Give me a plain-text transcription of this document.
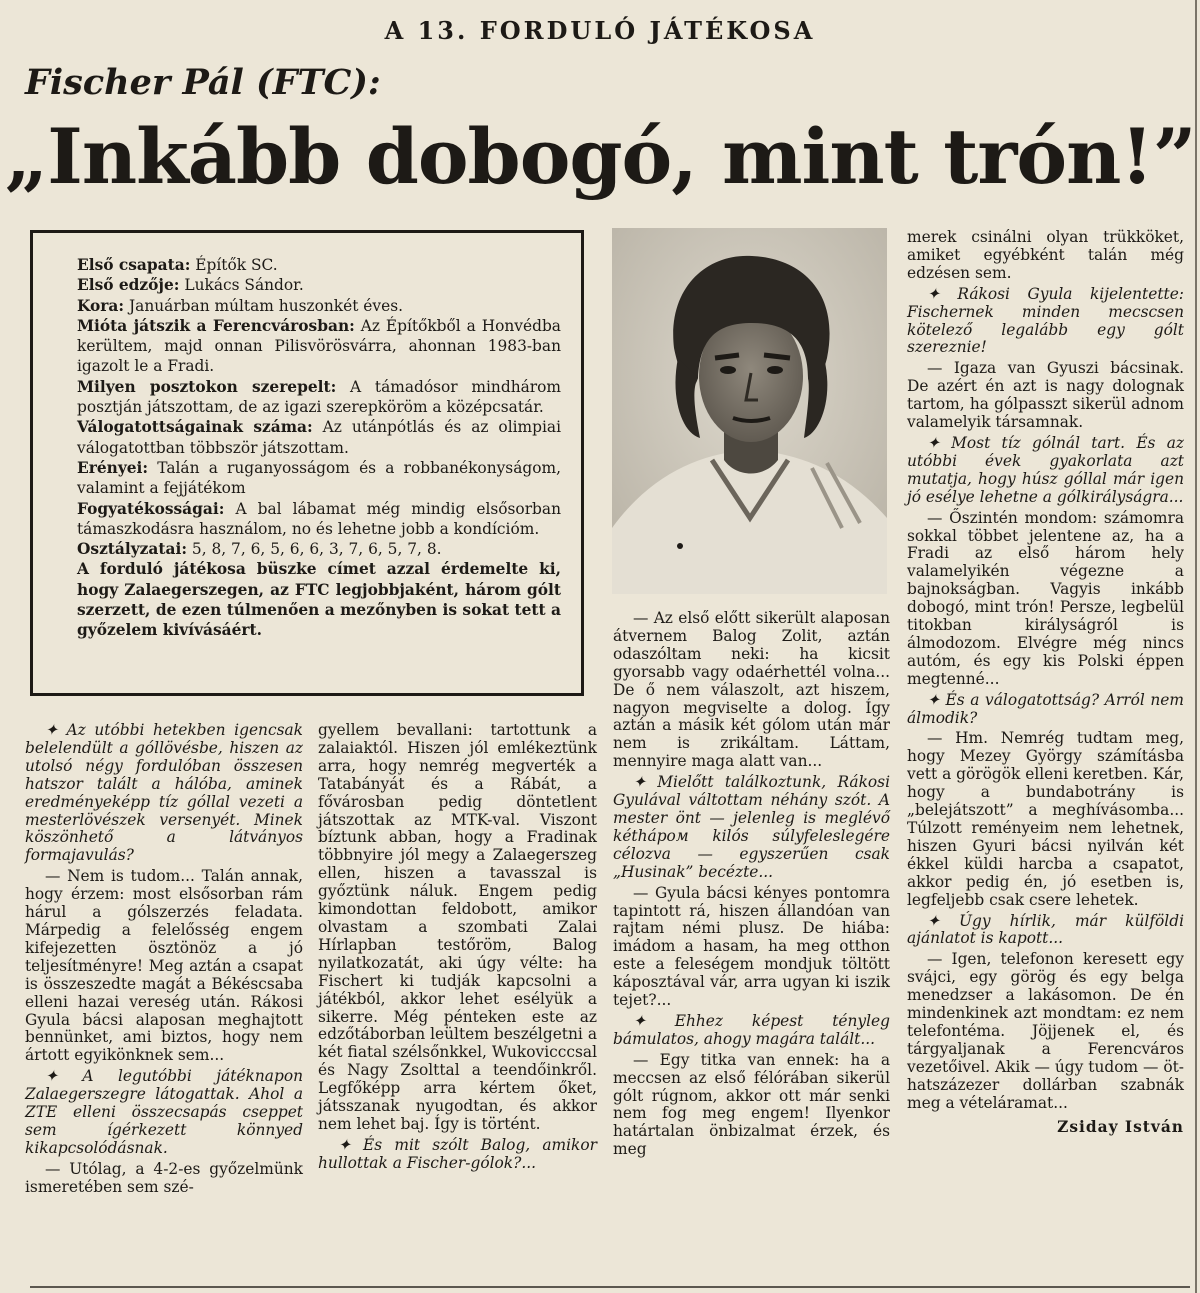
A 13. FORDULÓ JÁTÉKOSA
Fischer Pál (FTC):
„Inkább dobogó, mint trón!”

Első csapata: Építők SC.

Első edzője: Lukács Sándor.

Kora: Januárban múltam huszonkét éves.

Mióta játszik a Ferencvárosban: Az Építőkből a Honvédba kerültem, majd onnan Pilisvörösvárra, ahonnan 1983-ban igazolt le a Fradi.

Milyen posztokon szerepelt: A támadósor mindhárom posztján játszottam, de az igazi szerepköröm a középcsatár.

Válogatottságainak száma: Az utánpótlás és az olimpiai válogatottban többször játszottam.

Erényei: Talán a ruganyosságom és a robbanékonyságom, valamint a fejjátékom

Fogyatékosságai: A bal lábamat még mindig elsősorban támaszkodásra használom, no és lehetne jobb a kondícióm.

Osztályzatai: 5, 8, 7, 6, 5, 6, 6, 3, 7, 6, 5, 7, 8.

A forduló játékosa büszke címet azzal érdemelte ki, hogy Zalaegerszegen, az FTC legjobbjaként, három gólt szerzett, de ezen túlmenően a mezőnyben is sokat tett a győzelem kivívásáért.

✦ Az utóbbi hetekben igencsak belelendült a góllövésbe, hiszen az utolsó négy fordulóban összesen hatszor talált a hálóba, aminek eredményeképp tíz góllal vezeti a mesterlövészek versenyét. Minek köszönhető a látványos formajavulás?

— Nem is tudom... Talán annak, hogy érzem: most elsősorban rám hárul a gólszerzés feladata. Márpedig a felelősség engem kifejezetten ösztönöz a jó teljesítményre! Meg aztán a csapat is összeszedte magát a Békéscsaba elleni hazai vereség után. Rákosi Gyula bácsi alaposan meghajtott bennünket, ami biztos, hogy nem ártott egyikönknek sem...

✦ A legutóbbi játéknapon Zalaegerszegre látogattak. Ahol a ZTE elleni összecsapás cseppet sem ígérkezett könnyed kikapcsolódásnak.

— Utólag, a 4-2-es győzelmünk ismeretében sem szé-

gyellem bevallani: tartottunk a zalaiaktól. Hiszen jól emlékeztünk arra, hogy nemrég megverték a Tatabányát és a Rábát, a fővárosban pedig döntetlent játszottak az MTK-val. Viszont bíztunk abban, hogy a Fradinak többnyire jól megy a Zalaegerszeg ellen, hiszen a tavasszal is győztünk náluk. Engem pedig kimondottan feldobott, amikor olvastam a szombati Zalai Hírlapban testőröm, Balog nyilatkozatát, aki úgy vélte: ha Fischert ki tudják kapcsolni a játékból, akkor lehet esélyük a sikerre. Még pénteken este az edzőtáborban leültem beszélgetni a két fiatal szélsőnkkel, Wukovicccsal és Nagy Zsolttal a teendőinkről. Legfőképp arra kértem őket, játsszanak nyugodtan, és akkor nem lehet baj. Így is történt.

✦ És mit szólt Balog, amikor hullottak a Fischer-gólok?...

— Az első előtt sikerült alaposan átvernem Balog Zolit, aztán odaszóltam neki: ha kicsit gyorsabb vagy odaérhettél volna... De ő nem válaszolt, azt hiszem, nagyon megviselte a dolog. Így aztán a másik két gólom után már nem is zrikáltam. Láttam, mennyire maga alatt van...

✦ Mielőtt találkoztunk, Rákosi Gyulával váltottam néhány szót. A mester önt — jelenleg is meglévő kétháром kilós súlyfeleslegére célozva — egyszerűen csak „Husinak” becézte...

— Gyula bácsi kényes pontomra tapintott rá, hiszen állandóan van rajtam némi plusz. De hiába: imádom a hasam, ha meg otthon este a feleségem mondjuk töltött káposztával vár, arra ugyan ki iszik tejet?...

✦ Ehhez képest tényleg bámulatos, ahogy magára talált...

— Egy titka van ennek: ha a meccsen az első félórában sikerül gólt rúgnom, akkor ott már senki nem fog meg engem! Ilyenkor határtalan önbizalmat érzek, és meg

merek csinálni olyan trükköket, amiket egyébként talán még edzésen sem.

✦ Rákosi Gyula kijelentette: Fischernek minden mecscsen kötelező legalább egy gólt szereznie!

— Igaza van Gyuszi bácsinak. De azért én azt is nagy dolognak tartom, ha gólpasszt sikerül adnom valamelyik társamnak.

✦ Most tíz gólnál tart. És az utóbbi évek gyakorlata azt mutatja, hogy húsz góllal már igen jó esélye lehetne a gólkirályságra...

— Őszintén mondom: számomra sokkal többet jelentene az, ha a Fradi az első három hely valamelyikén végezne a bajnokságban. Vagyis inkább dobogó, mint trón! Persze, legbelül titokban királyságról is álmodozom. Elvégre még nincs autóm, és egy kis Polski éppen megtenné...

✦ És a válogatottság? Arról nem álmodik?

— Hm. Nemrég tudtam meg, hogy Mezey György számításba vett a görögök elleni keretben. Kár, hogy a bundabotrány is „belejátszott” a meghívásomba... Túlzott reményeim nem lehetnek, hiszen Gyuri bácsi nyilván két ékkel küldi harcba a csapatot, akkor pedig én, jó esetben is, legfeljebb csak csere lehetek.

✦ Úgy hírlik, már külföldi ajánlatot is kapott...

— Igen, telefonon keresett egy svájci, egy görög és egy belga menedzser a lakásomon. De én mindenkinek azt mondtam: ez nem telefontéma. Jöjjenek el, és tárgyaljanak a Ferencváros vezetőivel. Akik — úgy tudom — öt-hatszázezer dollárban szabnák meg a vételáramat...

Zsiday István
